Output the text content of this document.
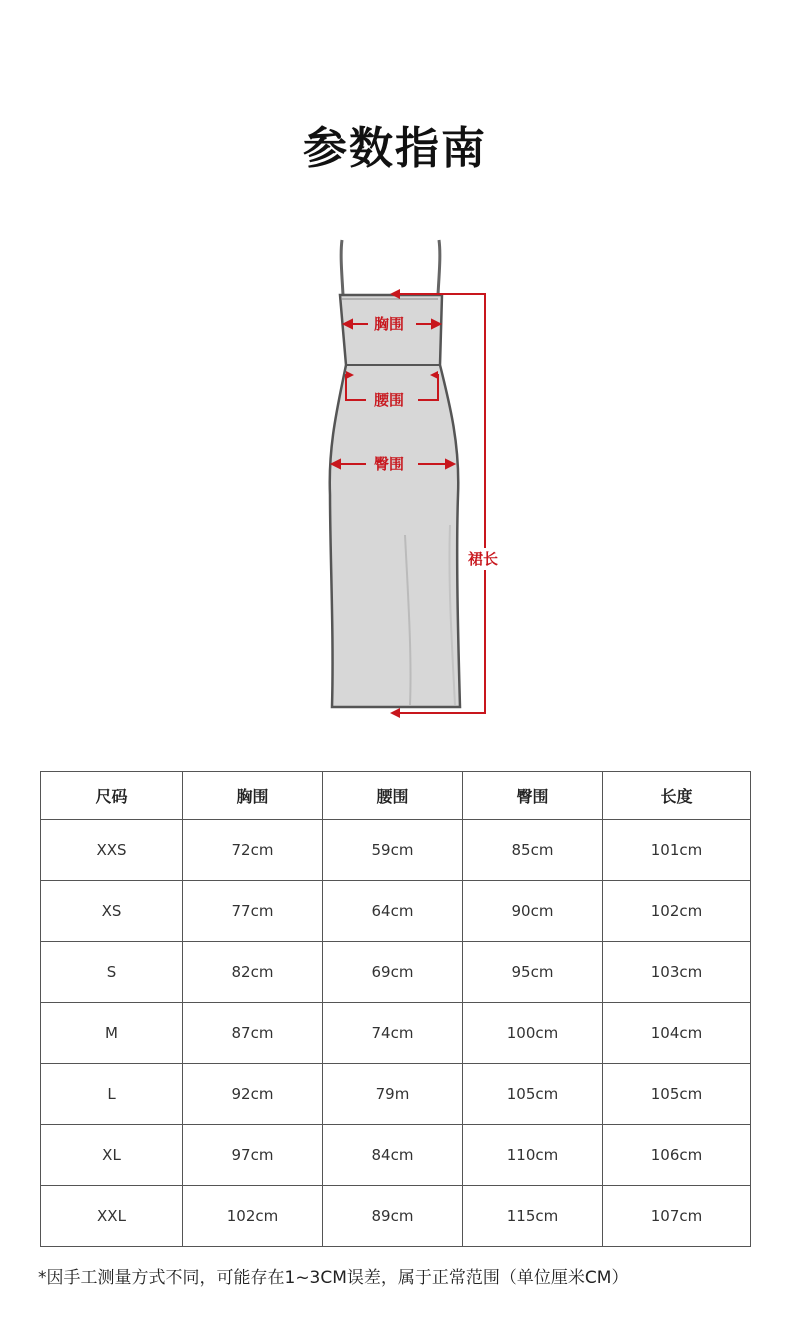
参数指南
胸围
腰围
臀围
裙长
尺码	胸围	腰围	臀围	长度
XXS	72cm	59cm	85cm	101cm
XS	77cm	64cm	90cm	102cm
S	82cm	69cm	95cm	103cm
M	87cm	74cm	100cm	104cm
L	92cm	79m	105cm	105cm
XL	97cm	84cm	110cm	106cm
XXL	102cm	89cm	115cm	107cm
*因手工测量方式不同，可能存在1~3CM误差，属于正常范围（单位厘米CM）
